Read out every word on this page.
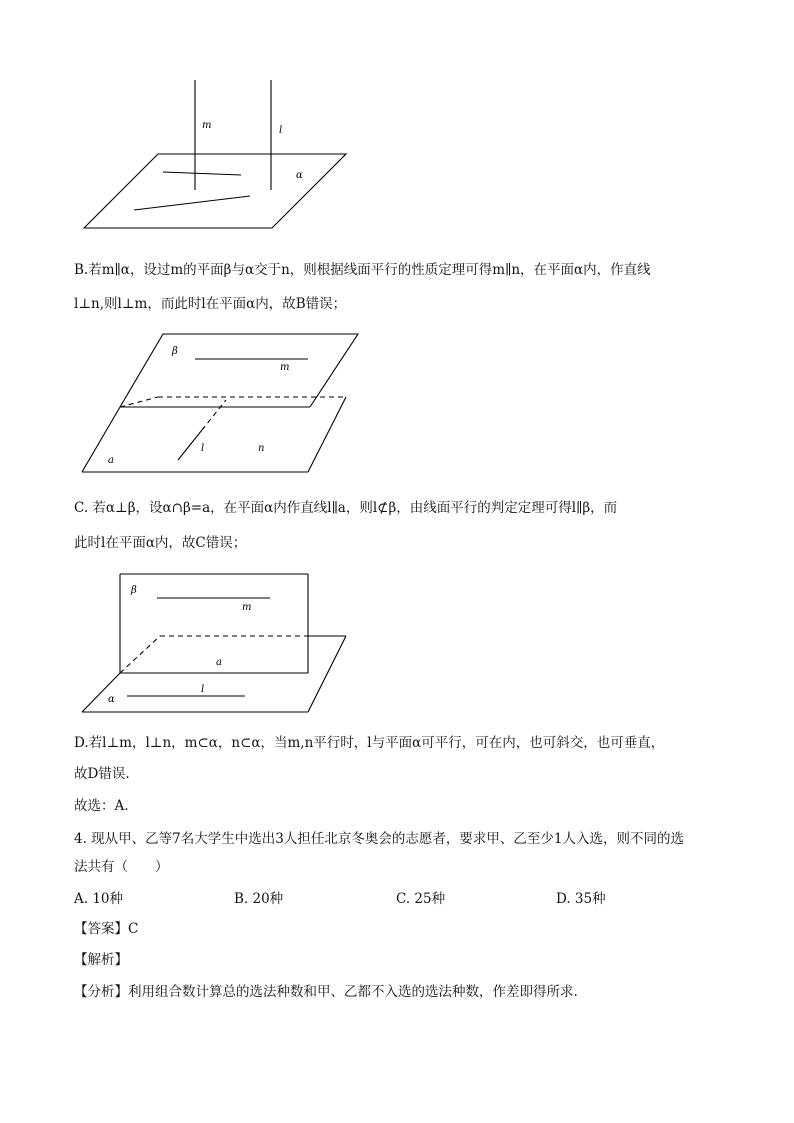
m	l
α
B.若m∥α，设过m的平面β与α交于n，则根据线面平行的性质定理可得m∥n，在平面α内，作直线
l⊥n,则l⊥m，而此时l在平面α内，故B错误；
β
m
l	n
a
C. 若α⊥β，设α∩β=a，在平面α内作直线l∥a，则l⊄β，由线面平行的判定定理可得l∥β，而
此时l在平面α内，故C错误；
β
m
a
l
α
D.若l⊥m，l⊥n，m⊂α，n⊂α，当m,n平行时，l与平面α可平行，可在内，也可斜交，也可垂直，
故D错误.
故选：A.
4. 现从甲、乙等7名大学生中选出3人担任北京冬奥会的志愿者，要求甲、乙至少1人入选，则不同的选
法共有（　　）
A. 10种	B. 20种	C. 25种	D. 35种
【答案】C
【解析】
【分析】利用组合数计算总的选法种数和甲、乙都不入选的选法种数，作差即得所求.
